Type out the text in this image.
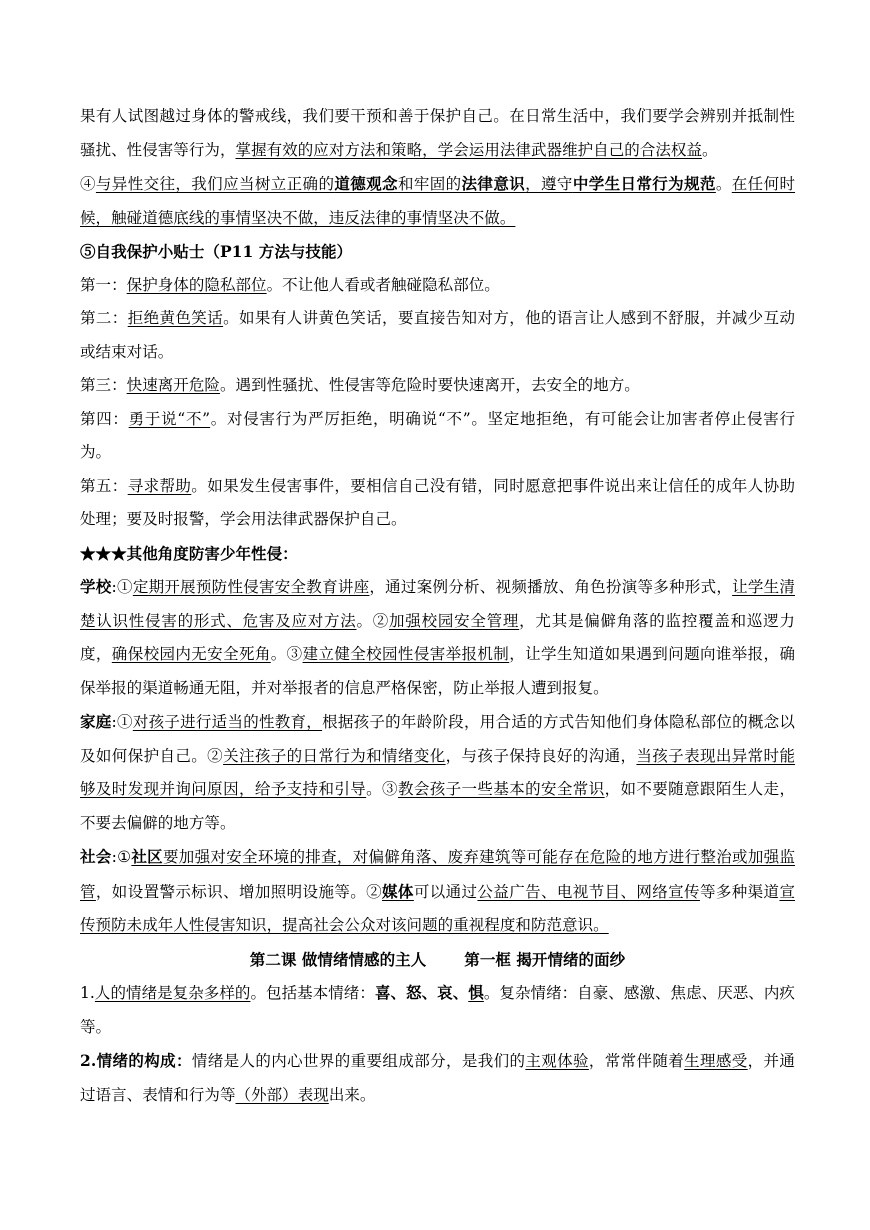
果有人试图越过身体的警戒线，我们要干预和善于保护自己。在日常生活中，我们要学会辨别并抵制性骚扰、性侵害等行为，掌握有效的应对方法和策略，学会运用法律武器维护自己的合法权益。

④与异性交往，我们应当树立正确的道德观念和牢固的法律意识，遵守中学生日常行为规范。在任何时候，触碰道德底线的事情坚决不做，违反法律的事情坚决不做。

⑤自我保护小贴士（P11 方法与技能）

第一：保护身体的隐私部位。不让他人看或者触碰隐私部位。

第二：拒绝黄色笑话。如果有人讲黄色笑话，要直接告知对方，他的语言让人感到不舒服，并减少互动或结束对话。

第三：快速离开危险。遇到性骚扰、性侵害等危险时要快速离开，去安全的地方。

第四：勇于说“不”。对侵害行为严厉拒绝，明确说“不”。坚定地拒绝，有可能会让加害者停止侵害行为。

第五：寻求帮助。如果发生侵害事件，要相信自己没有错，同时愿意把事件说出来让信任的成年人协助处理；要及时报警，学会用法律武器保护自己。

★★★其他角度防害少年性侵：

学校:①定期开展预防性侵害安全教育讲座，通过案例分析、视频播放、角色扮演等多种形式，让学生清楚认识性侵害的形式、危害及应对方法。②加强校园安全管理，尤其是偏僻角落的监控覆盖和巡逻力度，确保校园内无安全死角。③建立健全校园性侵害举报机制，让学生知道如果遇到问题向谁举报，确保举报的渠道畅通无阻，并对举报者的信息严格保密，防止举报人遭到报复。

家庭:①对孩子进行适当的性教育，根据孩子的年龄阶段，用合适的方式告知他们身体隐私部位的概念以及如何保护自己。②关注孩子的日常行为和情绪变化，与孩子保持良好的沟通，当孩子表现出异常时能够及时发现并询问原因，给予支持和引导。③教会孩子一些基本的安全常识，如不要随意跟陌生人走，不要去偏僻的地方等。

社会:①社区要加强对安全环境的排查，对偏僻角落、废弃建筑等可能存在危险的地方进行整治或加强监管，如设置警示标识、增加照明设施等。②媒体可以通过公益广告、电视节目、网络宣传等多种渠道宣传预防未成年人性侵害知识，提高社会公众对该问题的重视程度和防范意识。

第二课 做情绪情感的主人 第一框 揭开情绪的面纱

1.人的情绪是复杂多样的。包括基本情绪：喜、怒、哀、惧。复杂情绪：自豪、感激、焦虑、厌恶、内疚等。

2.情绪的构成：情绪是人的内心世界的重要组成部分，是我们的主观体验，常常伴随着生理感受，并通过语言、表情和行为等（外部）表现出来。
